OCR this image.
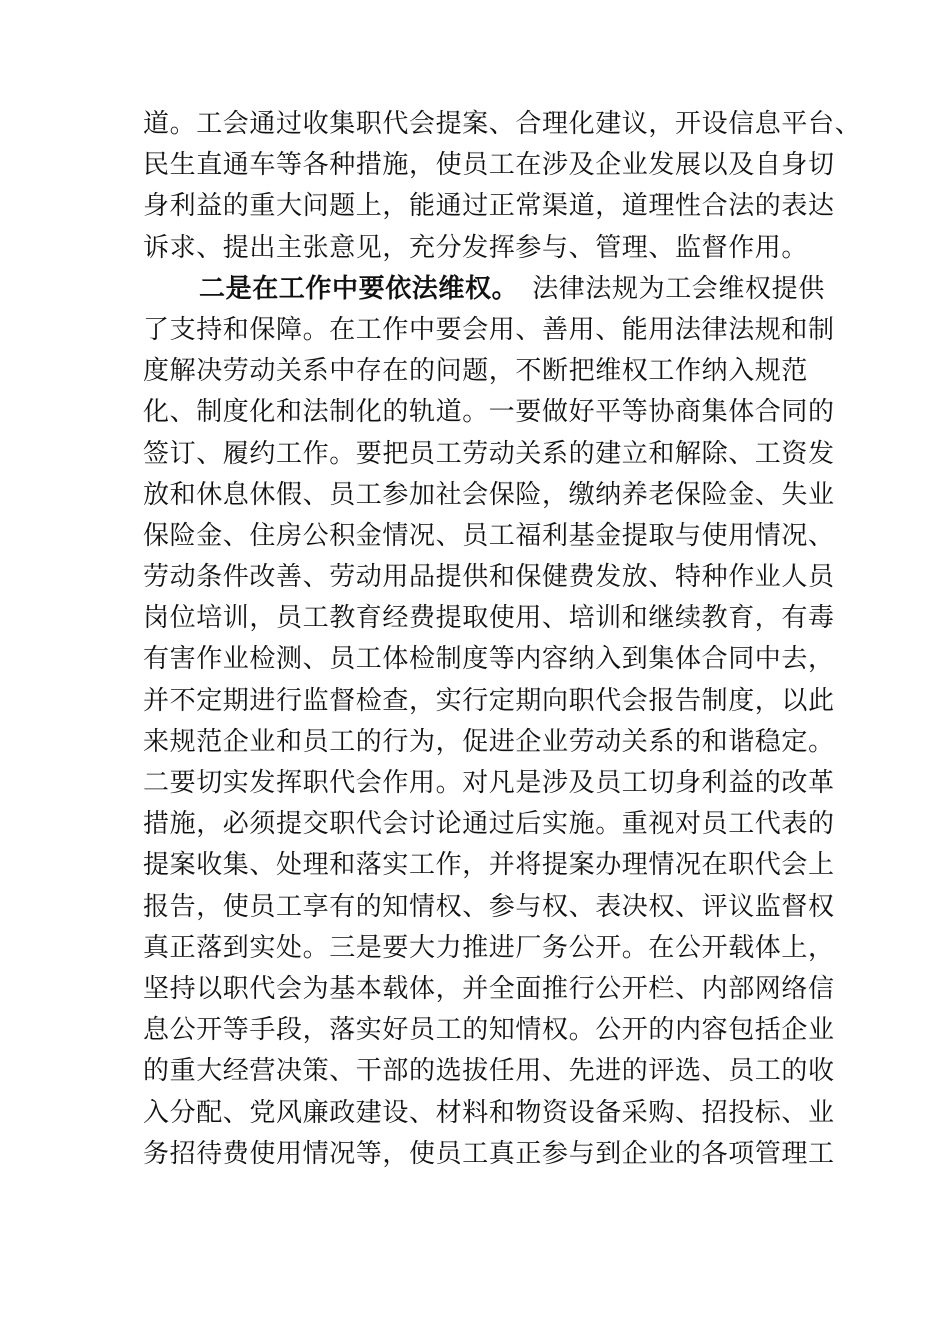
道。工会通过收集职代会提案、合理化建议，开设信息平台、
民生直通车等各种措施，使员工在涉及企业发展以及自身切
身利益的重大问题上，能通过正常渠道，道理性合法的表达
诉求、提出主张意见，充分发挥参与、管理、监督作用。
二是在工作中要依法维权。 法律法规为工会维权提供
了支持和保障。在工作中要会用、善用、能用法律法规和制
度解决劳动关系中存在的问题，不断把维权工作纳入规范
化、制度化和法制化的轨道。一要做好平等协商集体合同的
签订、履约工作。要把员工劳动关系的建立和解除、工资发
放和休息休假、员工参加社会保险，缴纳养老保险金、失业
保险金、住房公积金情况、员工福利基金提取与使用情况、
劳动条件改善、劳动用品提供和保健费发放、特种作业人员
岗位培训，员工教育经费提取使用、培训和继续教育，有毒
有害作业检测、员工体检制度等内容纳入到集体合同中去，
并不定期进行监督检查，实行定期向职代会报告制度，以此
来规范企业和员工的行为，促进企业劳动关系的和谐稳定。
二要切实发挥职代会作用。对凡是涉及员工切身利益的改革
措施，必须提交职代会讨论通过后实施。重视对员工代表的
提案收集、处理和落实工作，并将提案办理情况在职代会上
报告，使员工享有的知情权、参与权、表决权、评议监督权
真正落到实处。三是要大力推进厂务公开。在公开载体上，
坚持以职代会为基本载体，并全面推行公开栏、内部网络信
息公开等手段，落实好员工的知情权。公开的内容包括企业
的重大经营决策、干部的选拔任用、先进的评选、员工的收
入分配、党风廉政建设、材料和物资设备采购、招投标、业
务招待费使用情况等，使员工真正参与到企业的各项管理工
